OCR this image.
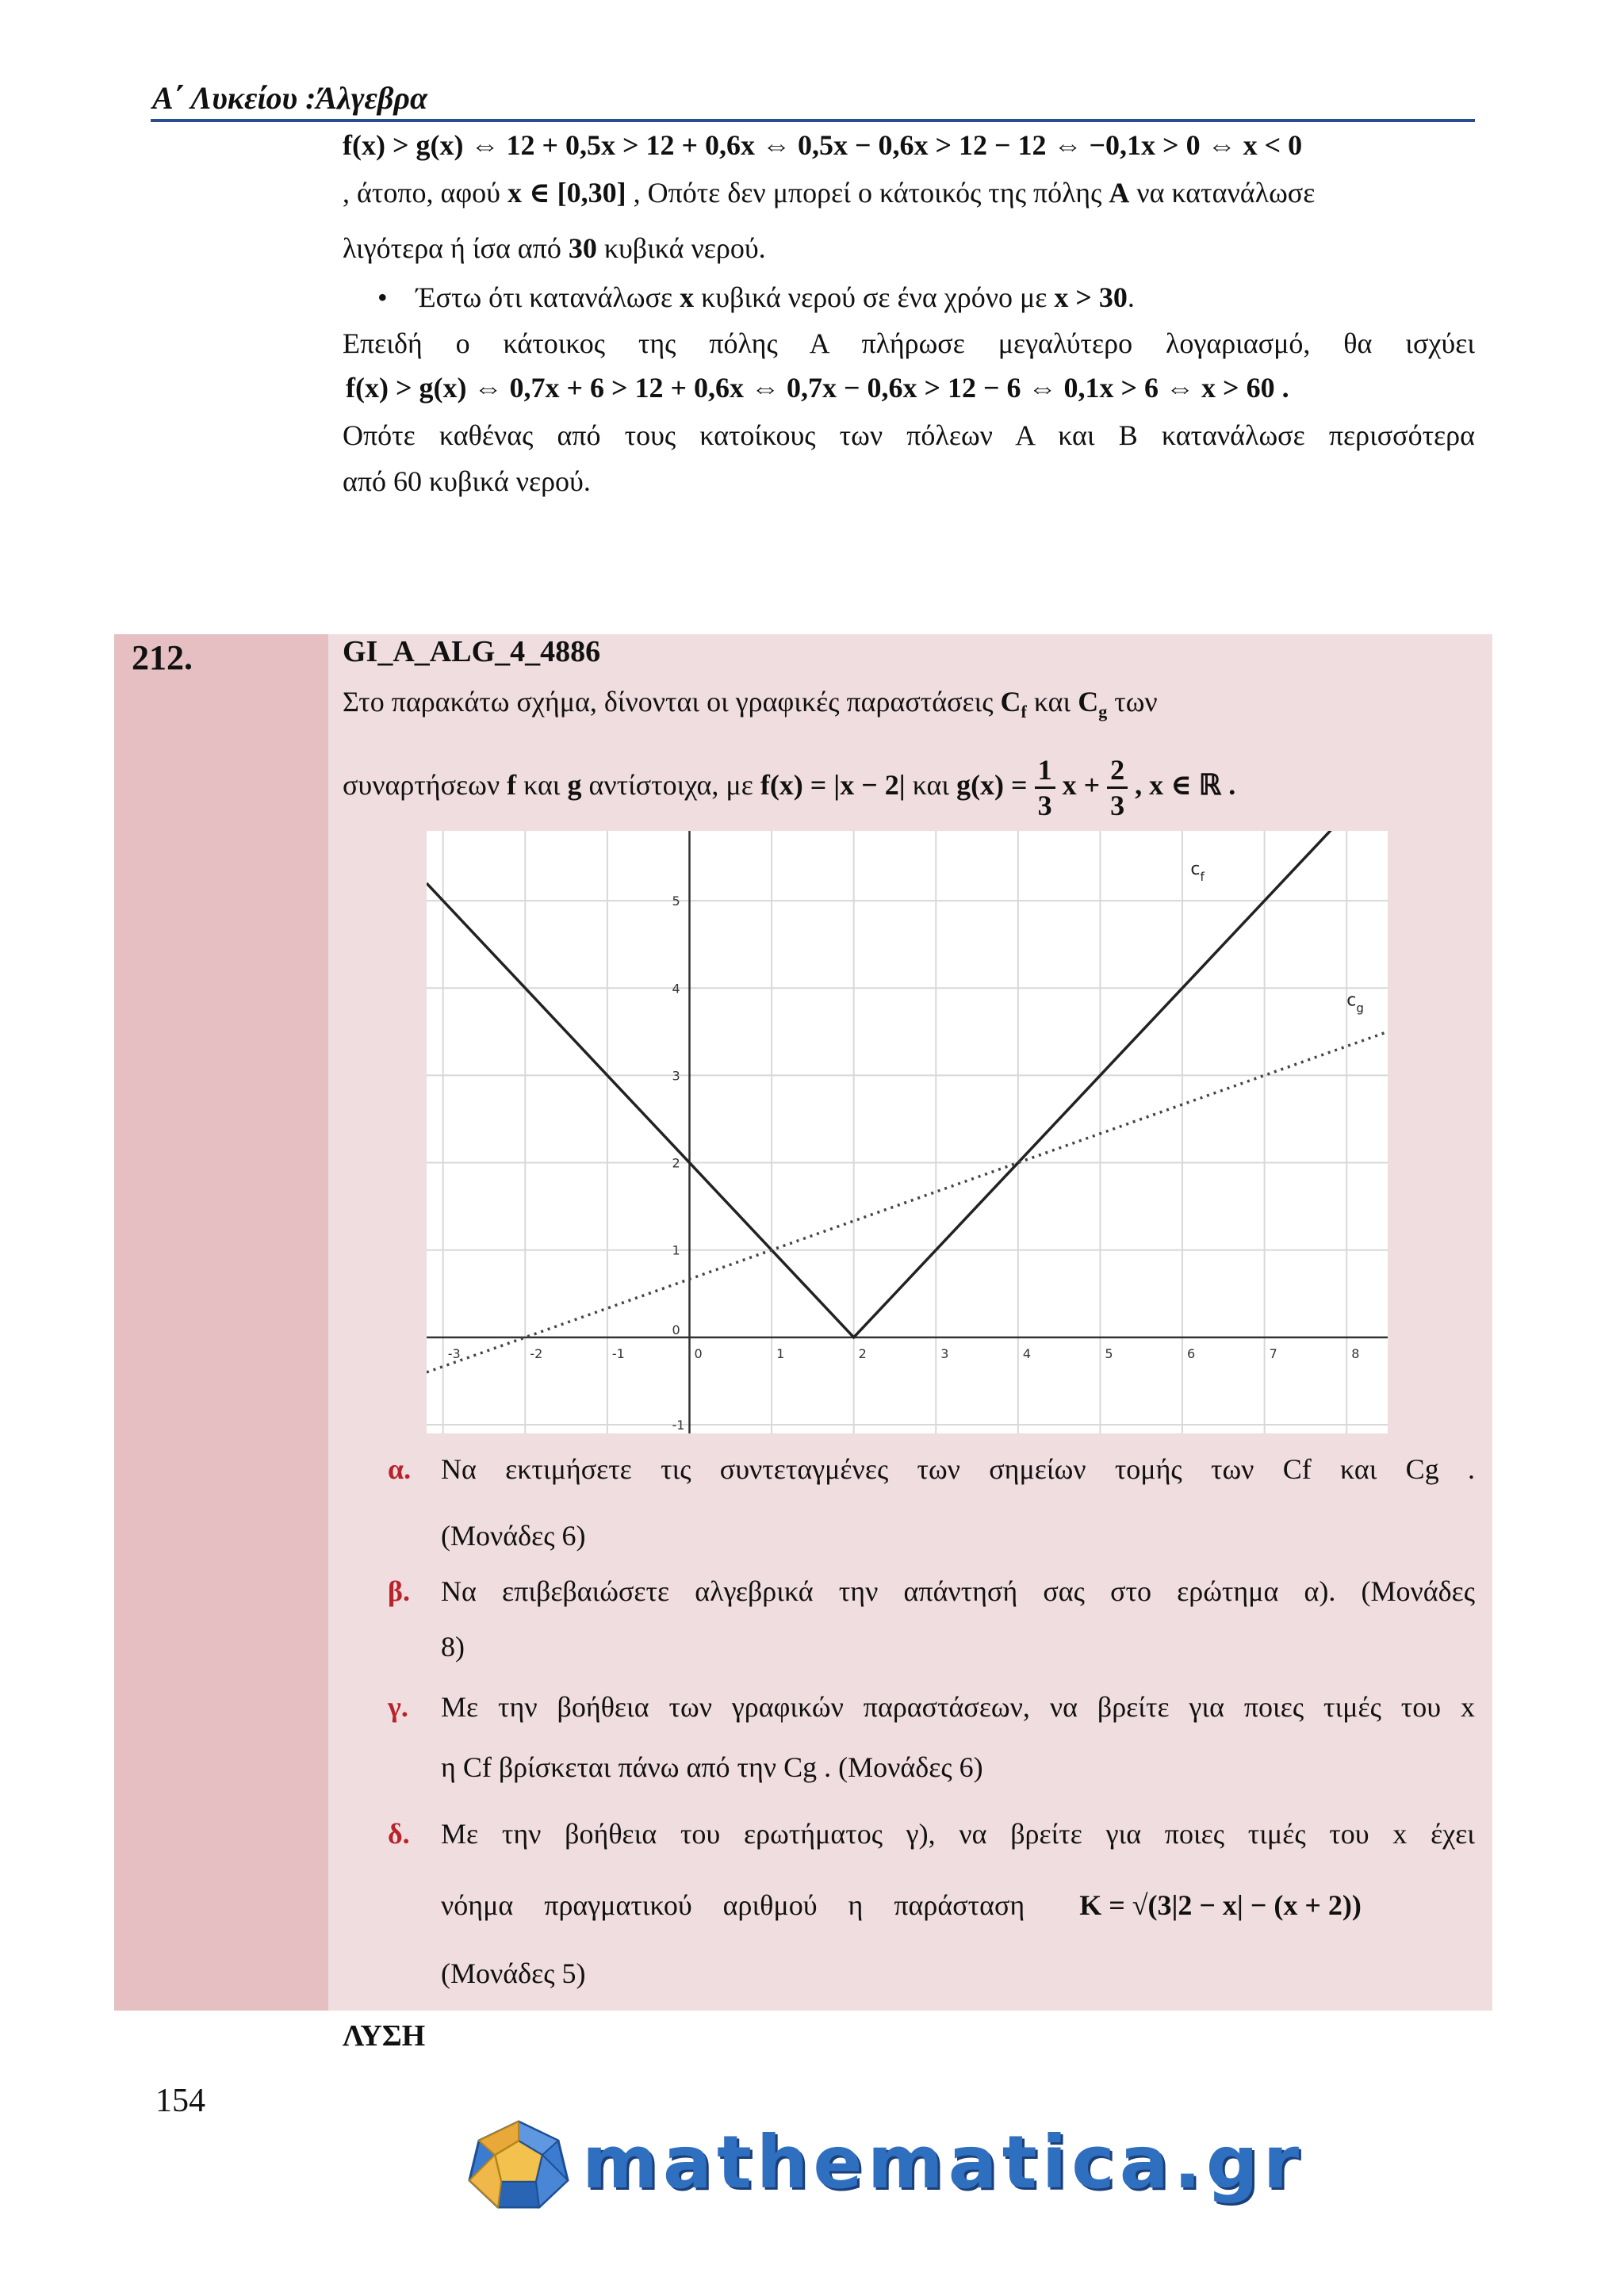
Α΄ Λυκείου :Άλγεβρα
f(x) > g(x) ⇔ 12 + 0,5x > 12 + 0,6x ⇔ 0,5x − 0,6x > 12 − 12 ⇔ −0,1x > 0 ⇔ x < 0
, άτοπο, αφού x ∈ [0,30] , Οπότε δεν μπορεί ο κάτοικός της πόλης Α να κατανάλωσε
λιγότερα ή ίσα από 30 κυβικά νερού.
• Έστω ότι κατανάλωσε x κυβικά νερού σε ένα χρόνο με x > 30.
Επειδή ο κάτοικος της πόλης Α πλήρωσε μεγαλύτερο λογαριασμό, θα ισχύει
f(x) > g(x) ⇔ 0,7x + 6 > 12 + 0,6x ⇔ 0,7x − 0,6x > 12 − 6 ⇔ 0,1x > 6 ⇔ x > 60 .
Οπότε καθένας από τους κατοίκους των πόλεων Α και Β κατανάλωσε περισσότερα
από 60 κυβικά νερού.
212.	GI_A_ALG_4_4886
Στο παρακάτω σχήμα, δίνονται οι γραφικές παραστάσεις $C_f$ και $C_g$ των
συναρτήσεων f και g αντίστοιχα, με f(x) = |x − 2| και $g(x) = \frac{1}{3}$ $x + \frac{2}{3}$ , x ∈ ℝ .
-3	-2	-1	0	1	2	3	4	5	6	7	8
-1
1
2
3
4
5
0
$c_f$
$c_g$
α. Να εκτιμήσετε τις συντεταγμένες των σημείων τομής των Cf και Cg .
(Μονάδες 6)
β. Να επιβεβαιώσετε αλγεβρικά την απάντησή σας στο ερώτημα α). (Μονάδες
8)
γ. Με την βοήθεια των γραφικών παραστάσεων, να βρείτε για ποιες τιμές του x
η Cf βρίσκεται πάνω από την Cg . (Μονάδες 6)
δ. Με την βοήθεια του ερωτήματος γ), να βρείτε για ποιες τιμές του x έχει
νόημα πραγματικού αριθμού η παράσταση K = √(3|2 − x| − (x + 2))
(Μονάδες 5)
ΛΥΣΗ
154
mathematica.gr
